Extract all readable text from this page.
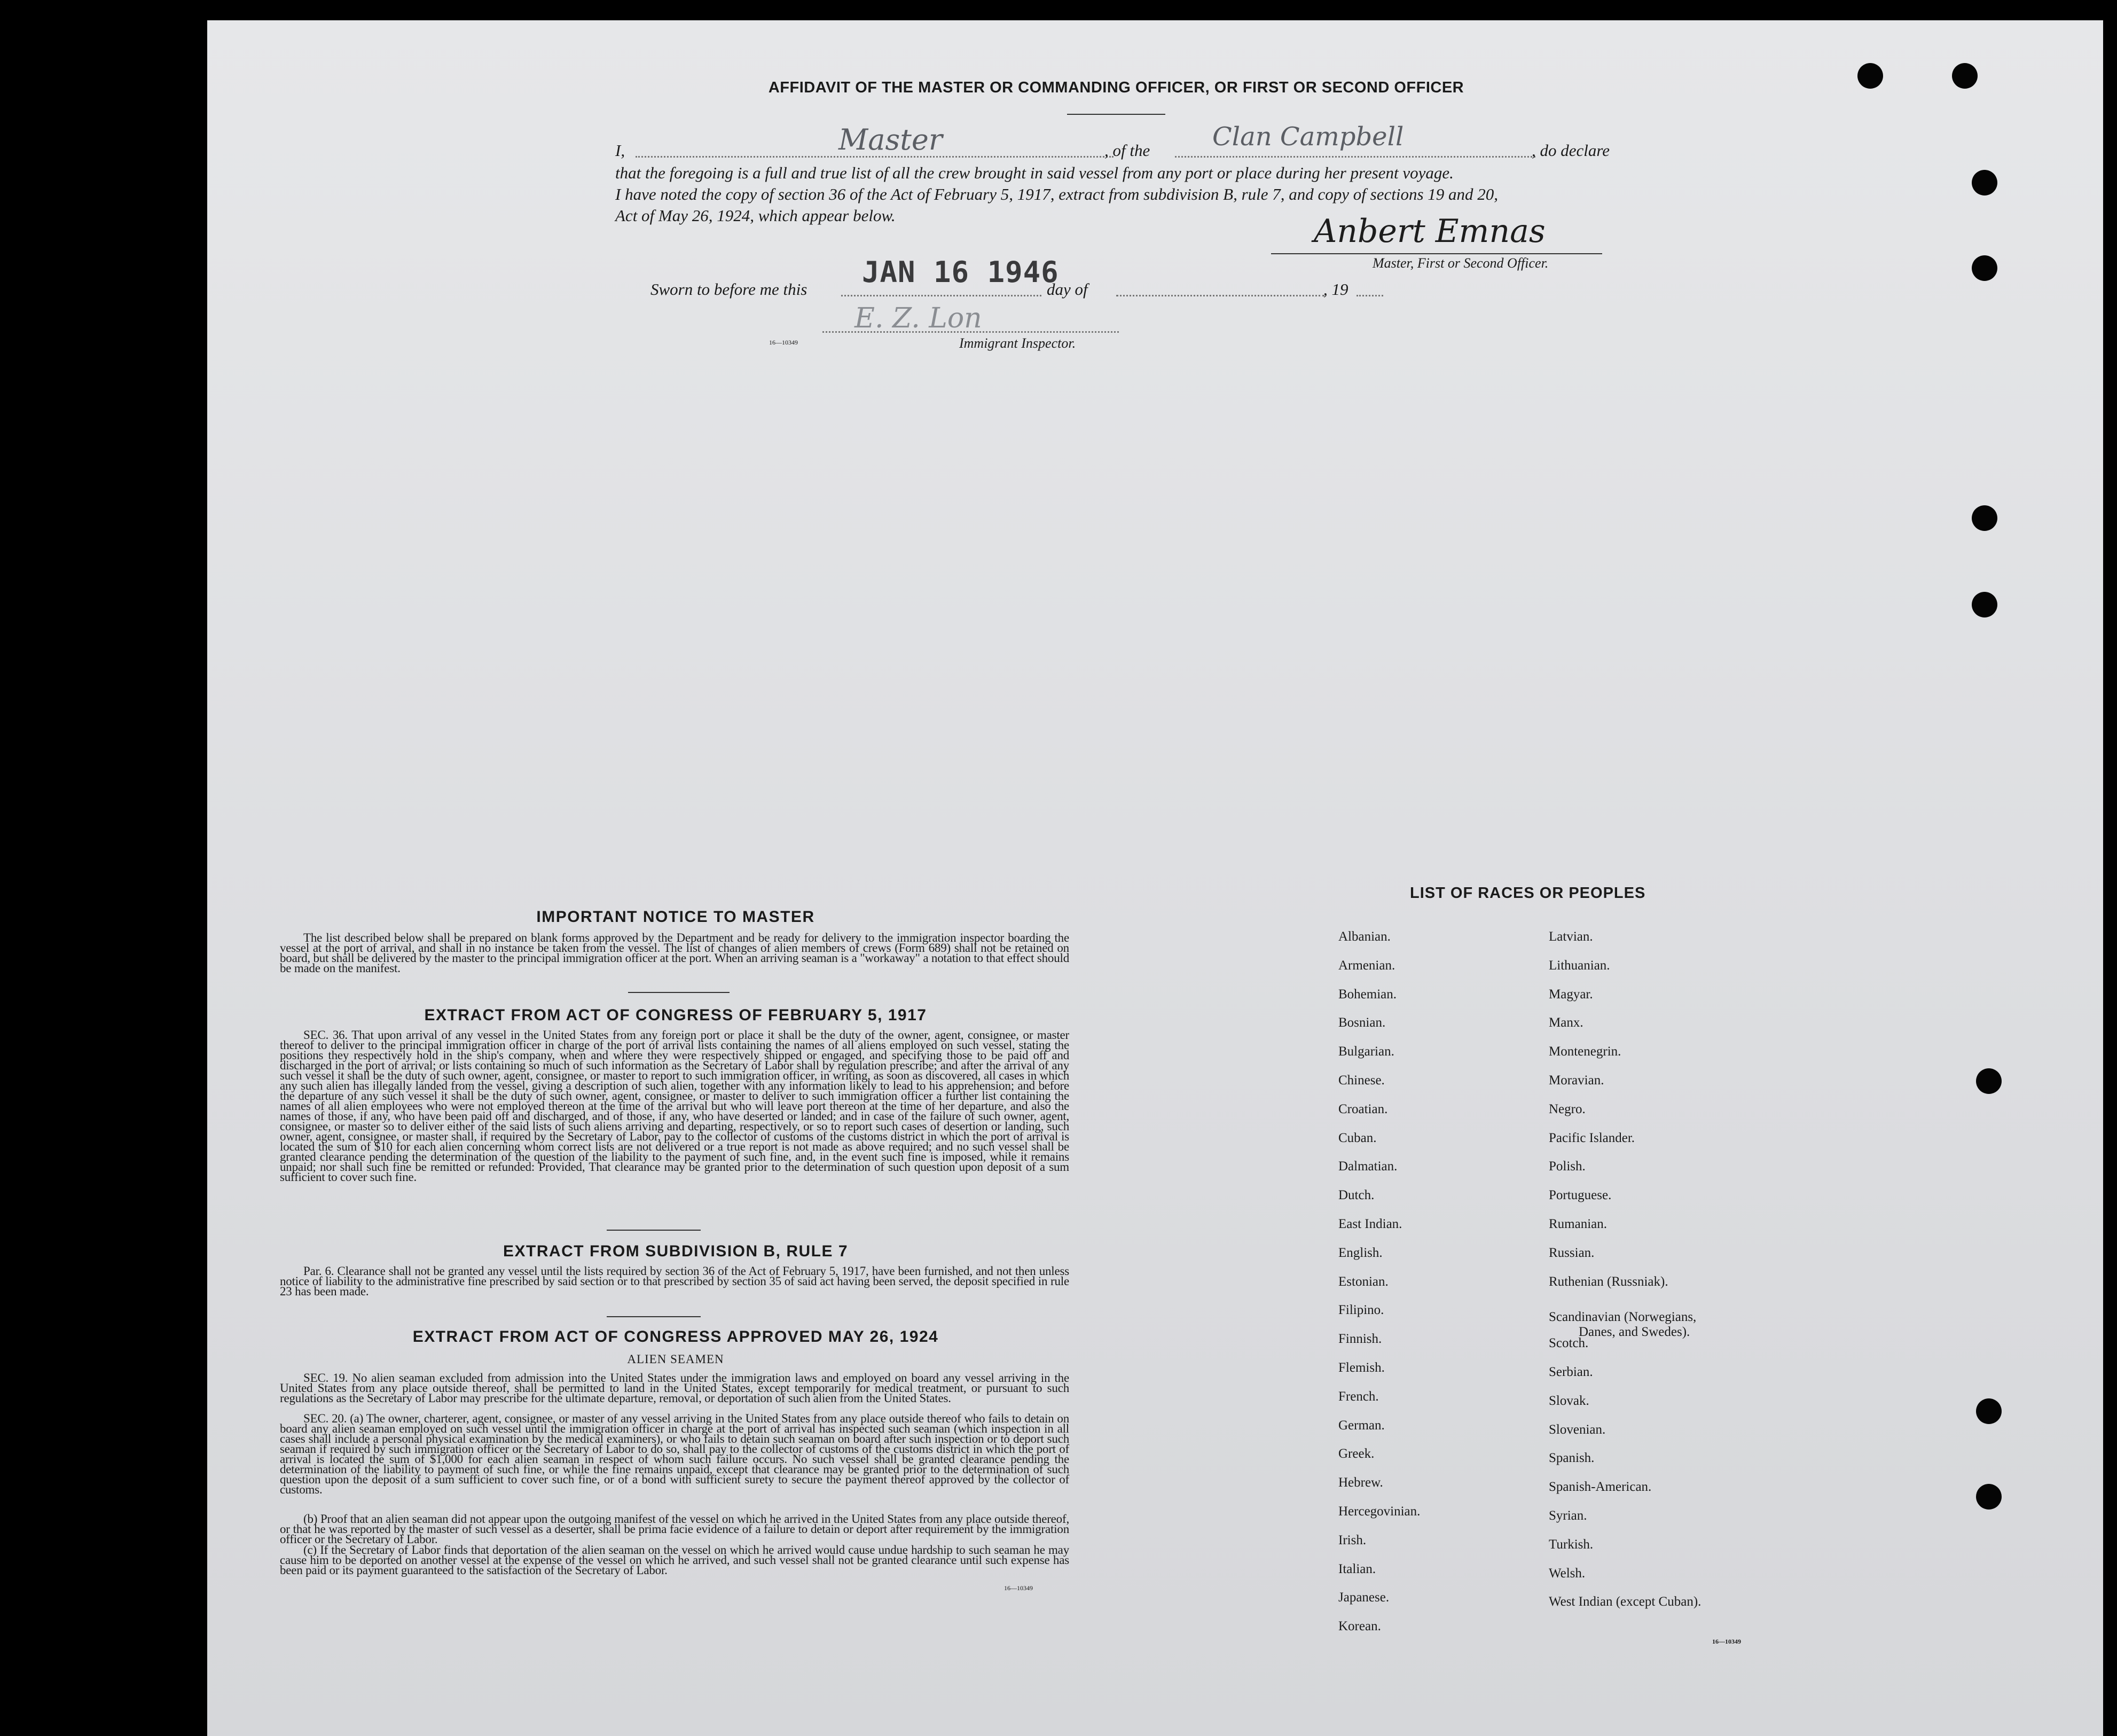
AFFIDAVIT OF THE MASTER OR COMMANDING OFFICER, OR FIRST OR SECOND OFFICER
I,	Master	, of the Clan Campbell	, do declare
that the foregoing is a full and true list of all the crew brought in said vessel from any port or place during her present voyage.
I have noted the copy of section 36 of the Act of February 5, 1917, extract from subdivision B, rule 7, and copy of sections 19 and 20,
Act of May 26, 1924, which appear below.	Anbert Emnas
Master, First or Second Officer.
Sworn to before me this
JAN 16 1946
day of	, 19
E. Z. Lon
16—10349	Immigrant Inspector.
IMPORTANT NOTICE TO MASTER
The list described below shall be prepared on blank forms approved by the Department and be ready for delivery to the immigration inspector boarding the vessel at the port of arrival, and shall in no instance be taken from the vessel. The list of changes of alien members of crews (Form 689) shall not be retained on board, but shall be delivered by the master to the principal immigration officer at the port. When an arriving seaman is a "workaway" a notation to that effect should be made on the manifest.
EXTRACT FROM ACT OF CONGRESS OF FEBRUARY 5, 1917
SEC. 36. That upon arrival of any vessel in the United States from any foreign port or place it shall be the duty of the owner, agent, consignee, or master thereof to deliver to the principal immigration officer in charge of the port of arrival lists containing the names of all aliens employed on such vessel, stating the positions they respectively hold in the ship's company, when and where they were respectively shipped or engaged, and specifying those to be paid off and discharged in the port of arrival; or lists containing so much of such information as the Secretary of Labor shall by regulation prescribe; and after the arrival of any such vessel it shall be the duty of such owner, agent, consignee, or master to report to such immigration officer, in writing, as soon as discovered, all cases in which any such alien has illegally landed from the vessel, giving a description of such alien, together with any information likely to lead to his apprehension; and before the departure of any such vessel it shall be the duty of such owner, agent, consignee, or master to deliver to such immigration officer a further list containing the names of all alien employees who were not employed thereon at the time of the arrival but who will leave port thereon at the time of her departure, and also the names of those, if any, who have been paid off and discharged, and of those, if any, who have deserted or landed; and in case of the failure of such owner, agent, consignee, or master so to deliver either of the said lists of such aliens arriving and departing, respectively, or so to report such cases of desertion or landing, such owner, agent, consignee, or master shall, if required by the Secretary of Labor, pay to the collector of customs of the customs district in which the port of arrival is located the sum of $10 for each alien concerning whom correct lists are not delivered or a true report is not made as above required; and no such vessel shall be granted clearance pending the determination of the question of the liability to the payment of such fine, and, in the event such fine is imposed, while it remains unpaid; nor shall such fine be remitted or refunded: Provided, That clearance may be granted prior to the determination of such question upon deposit of a sum sufficient to cover such fine.
EXTRACT FROM SUBDIVISION B, RULE 7
Par. 6. Clearance shall not be granted any vessel until the lists required by section 36 of the Act of February 5, 1917, have been furnished, and not then unless notice of liability to the administrative fine prescribed by said section or to that prescribed by section 35 of said act having been served, the deposit specified in rule 23 has been made.
EXTRACT FROM ACT OF CONGRESS APPROVED MAY 26, 1924
ALIEN SEAMEN
SEC. 19. No alien seaman excluded from admission into the United States under the immigration laws and employed on board any vessel arriving in the United States from any place outside thereof, shall be permitted to land in the United States, except temporarily for medical treatment, or pursuant to such regulations as the Secretary of Labor may prescribe for the ultimate departure, removal, or deportation of such alien from the United States.
SEC. 20. (a) The owner, charterer, agent, consignee, or master of any vessel arriving in the United States from any place outside thereof who fails to detain on board any alien seaman employed on such vessel until the immigration officer in charge at the port of arrival has inspected such seaman (which inspection in all cases shall include a personal physical examination by the medical examiners), or who fails to detain such seaman on board after such inspection or to deport such seaman if required by such immigration officer or the Secretary of Labor to do so, shall pay to the collector of customs of the customs district in which the port of arrival is located the sum of $1,000 for each alien seaman in respect of whom such failure occurs. No such vessel shall be granted clearance pending the determination of the liability to payment of such fine, or while the fine remains unpaid, except that clearance may be granted prior to the determination of such question upon the deposit of a sum sufficient to cover such fine, or of a bond with sufficient surety to secure the payment thereof approved by the collector of customs.
(b) Proof that an alien seaman did not appear upon the outgoing manifest of the vessel on which he arrived in the United States from any place outside thereof, or that he was reported by the master of such vessel as a deserter, shall be prima facie evidence of a failure to detain or deport after requirement by the immigration officer or the Secretary of Labor.
(c) If the Secretary of Labor finds that deportation of the alien seaman on the vessel on which he arrived would cause undue hardship to such seaman he may cause him to be deported on another vessel at the expense of the vessel on which he arrived, and such vessel shall not be granted clearance until such expense has been paid or its payment guaranteed to the satisfaction of the Secretary of Labor.
16—10349
LIST OF RACES OR PEOPLES
Albanian.
Armenian.
Bohemian.
Bosnian.
Bulgarian.
Chinese.
Croatian.
Cuban.
Dalmatian.
Dutch.
East Indian.
English.
Estonian.
Filipino.
Finnish.
Flemish.
French.
German.
Greek.
Hebrew.
Hercegovinian.
Irish.
Italian.
Japanese.
Korean.
Latvian.
Lithuanian.
Magyar.
Manx.
Montenegrin.
Moravian.
Negro.
Pacific Islander.
Polish.
Portuguese.
Rumanian.
Russian.
Ruthenian (Russniak).
Scandinavian (Norwegians,
Danes, and Swedes).
Scotch.
Serbian.
Slovak.
Slovenian.
Spanish.
Spanish-American.
Syrian.
Turkish.
Welsh.
West Indian (except Cuban).
16—10349
